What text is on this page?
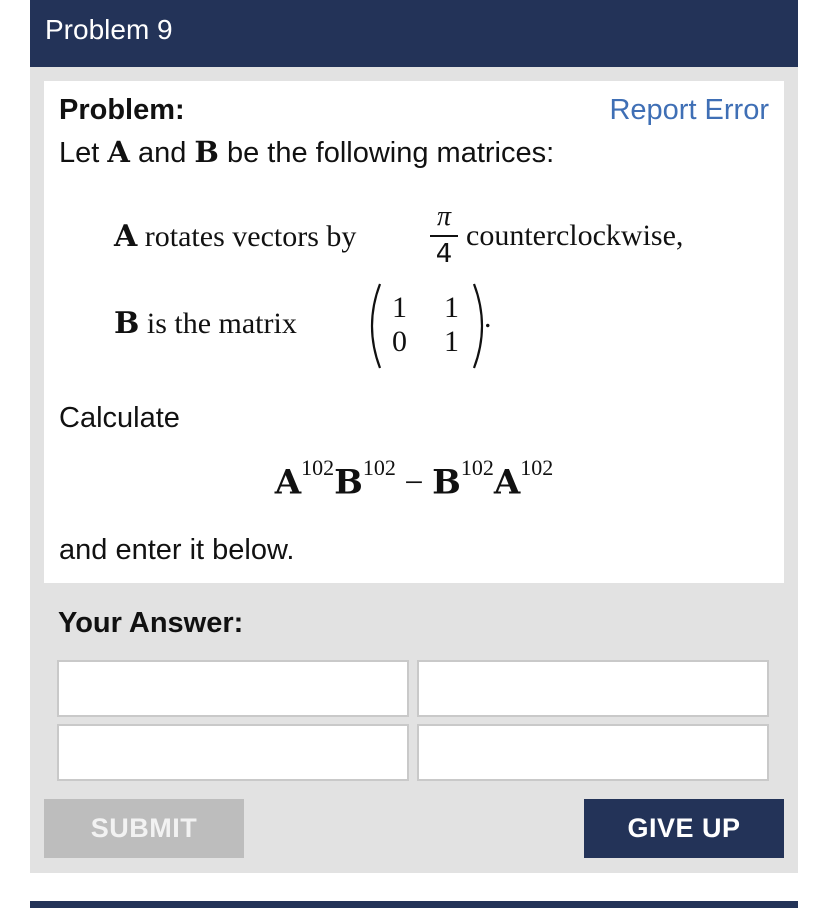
Problem 9
Problem:	Report Error
Let A and B be the following matrices:
A rotates vectors by
π
4
counterclockwise,
B is the matrix	1 1
0 1
.
Calculate
$A^{102}B^{102} - B^{102}A^{102}$
and enter it below.
Your Answer:
SUBMIT	GIVE UP
